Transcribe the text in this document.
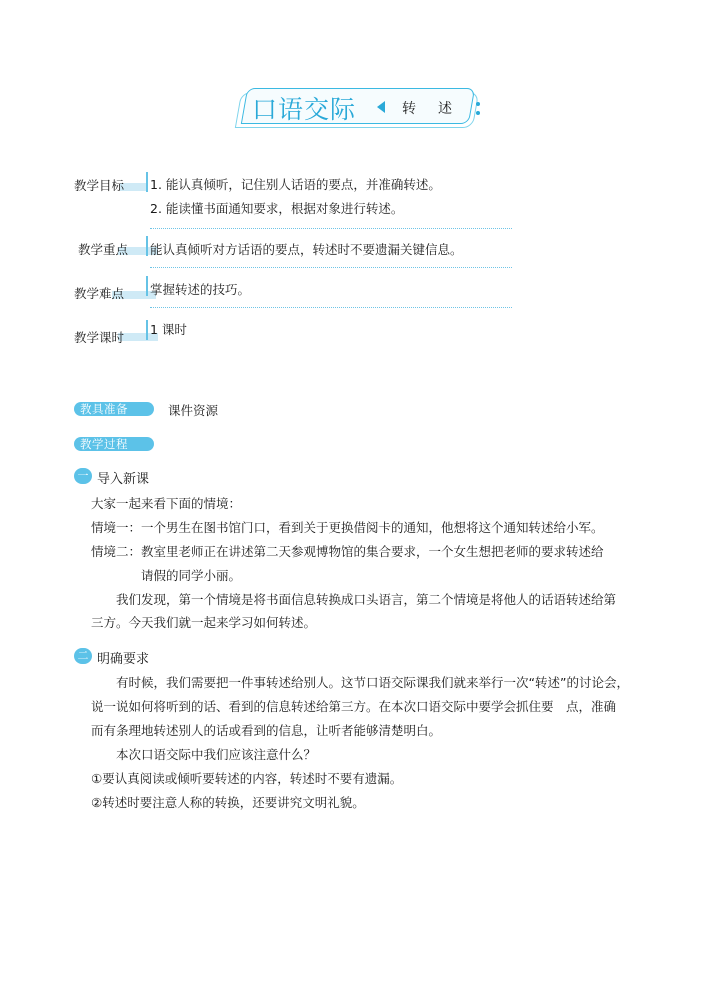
口语交际	转述
教学目标 1. 能认真倾听，记住别人话语的要点，并准确转述。
2. 能读懂书面通知要求，根据对象进行转述。
教学重点 能认真倾听对方话语的要点，转述时不要遗漏关键信息。
教学难点 掌握转述的技巧。
教学课时
1 课时
教具准备	课件资源
教学过程
一 导入新课
大家一起来看下面的情境：
情境一：一个男生在图书馆门口，看到关于更换借阅卡的通知，他想将这个通知转述给小军。
情境二：教室里老师正在讲述第二天参观博物馆的集合要求，一个女生想把老师的要求转述给
请假的同学小丽。
我们发现，第一个情境是将书面信息转换成口头语言，第二个情境是将他人的话语转述给第
三方。今天我们就一起来学习如何转述。
二 明确要求
有时候，我们需要把一件事转述给别人。这节口语交际课我们就来举行一次“转述”的讨论会，
说一说如何将听到的话、看到的信息转述给第三方。在本次口语交际中要学会抓住要　点，准确
而有条理地转述别人的话或看到的信息，让听者能够清楚明白。
本次口语交际中我们应该注意什么？
①要认真阅读或倾听要转述的内容，转述时不要有遗漏。
②转述时要注意人称的转换，还要讲究文明礼貌。
